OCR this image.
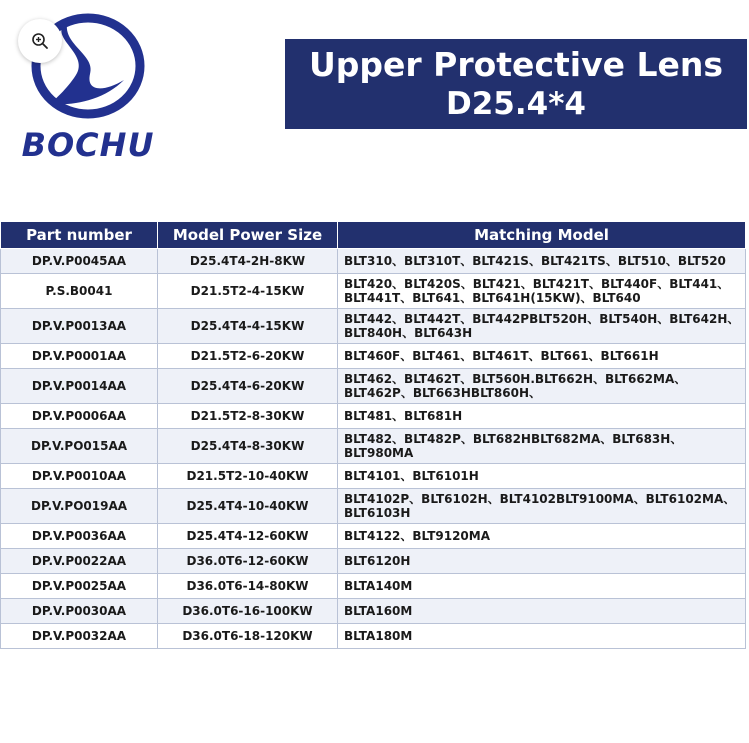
BOCHU
Upper Protective Lens
D25.4*4
Part number	Model Power Size	Matching Model
DP.V.P0045AA	D25.4T4-2H-8KW	BLT310、BLT310T、BLT421S、BLT421TS、BLT510、BLT520
P.S.B0041	D21.5T2-4-15KW	BLT420、BLT420S、BLT421、BLT421T、BLT440F、BLT441、BLT441T、BLT641、BLT641H(15KW)、BLT640
DP.V.P0013AA	D25.4T4-4-15KW	BLT442、BLT442T、BLT442PBLT520H、BLT540H、BLT642H、BLT840H、BLT643H
DP.V.P0001AA	D21.5T2-6-20KW	BLT460F、BLT461、BLT461T、BLT661、BLT661H
DP.V.P0014AA	D25.4T4-6-20KW	BLT462、BLT462T、BLT560H.BLT662H、BLT662MA、BLT462P、BLT663HBLT860H、
DP.V.P0006AA	D21.5T2-8-30KW	BLT481、BLT681H
DP.V.PO015AA	D25.4T4-8-30KW	BLT482、BLT482P、BLT682HBLT682MA、BLT683H、BLT980MA
DP.V.P0010AA	D21.5T2-10-40KW	BLT4101、BLT6101H
DP.V.PO019AA	D25.4T4-10-40KW	BLT4102P、BLT6102H、BLT4102BLT9100MA、BLT6102MA、BLT6103H
DP.V.P0036AA	D25.4T4-12-60KW	BLT4122、BLT9120MA
DP.V.P0022AA	D36.0T6-12-60KW	BLT6120H
DP.V.P0025AA	D36.0T6-14-80KW	BLTA140M
DP.V.P0030AA	D36.0T6-16-100KW	BLTA160M
DP.V.P0032AA	D36.0T6-18-120KW	BLTA180M
